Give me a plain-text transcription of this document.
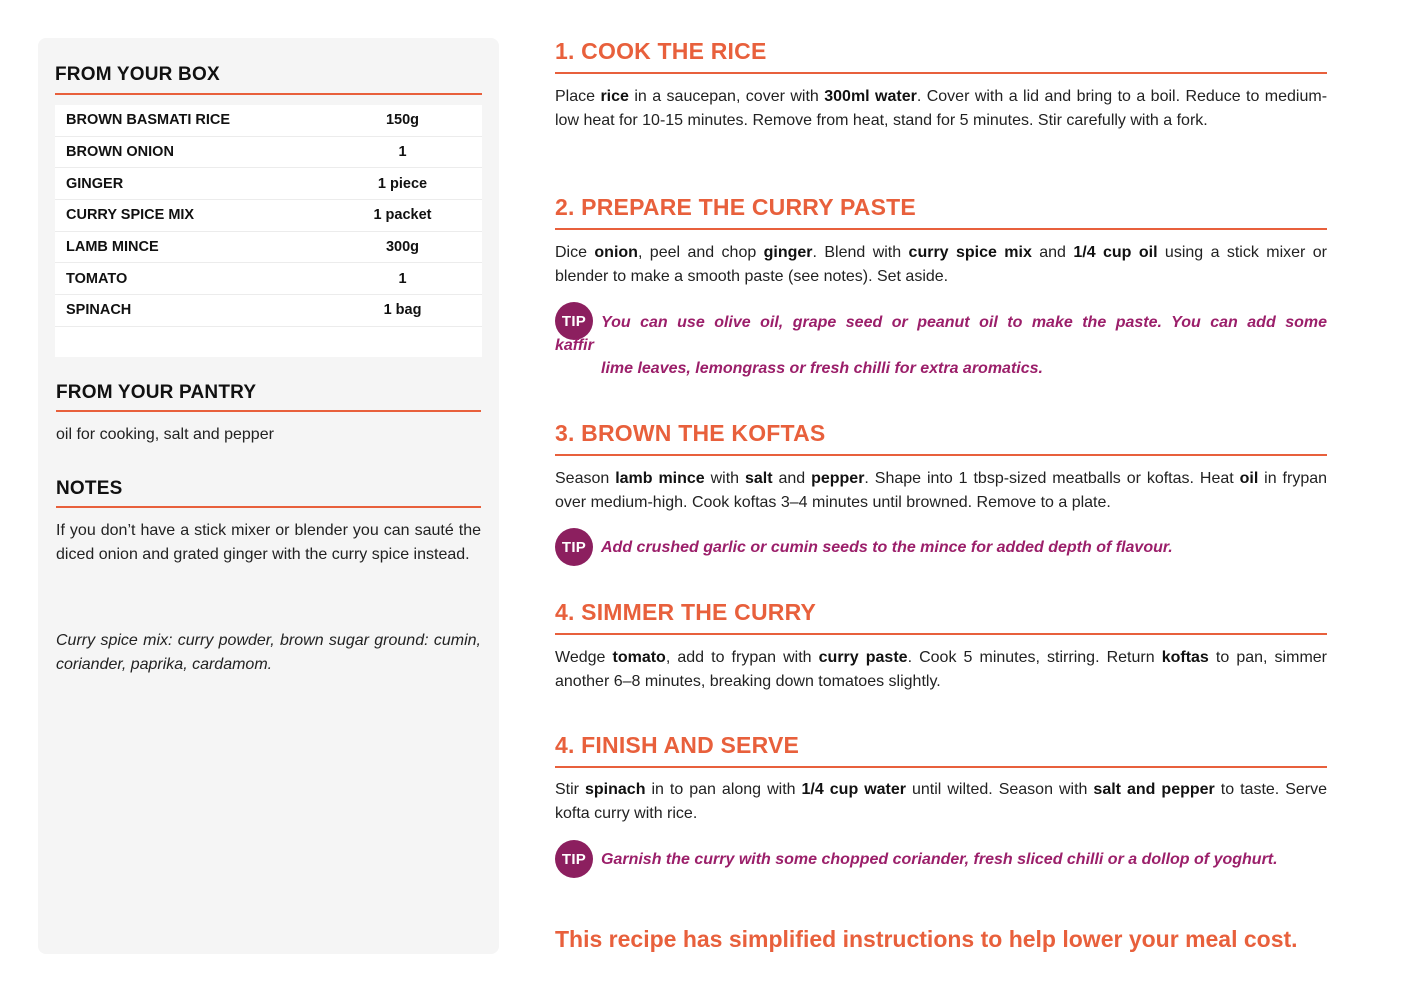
FROM YOUR BOX
BROWN BASMATI RICE	150g
BROWN ONION	1
GINGER	1 piece
CURRY SPICE MIX	1 packet
LAMB MINCE	300g
TOMATO	1
SPINACH	1 bag
FROM YOUR PANTRY
oil for cooking, salt and pepper
NOTES
If you don’t have a stick mixer or blender you can sauté the diced onion and grated ginger with the curry spice instead.
Curry spice mix: curry powder, brown sugar ground: cumin, coriander, paprika, cardamom.
1. COOK THE RICE
Place rice in a saucepan, cover with 300ml water. Cover with a lid and bring to a boil. Reduce to medium-low heat for 10-15 minutes. Remove from heat, stand for 5 minutes. Stir carefully with a fork.
2. PREPARE THE CURRY PASTE
Dice onion, peel and chop ginger. Blend with curry spice mix and 1/4 cup oil using a stick mixer or blender to make a smooth paste (see notes). Set aside.
TIP You can use olive oil, grape seed or peanut oil to make the paste. You can add some
kaffir
lime leaves, lemongrass or fresh chilli for extra aromatics.
3. BROWN THE KOFTAS
Season lamb mince with salt and pepper. Shape into 1 tbsp-sized meatballs or koftas. Heat oil in frypan over medium-high. Cook koftas 3–4 minutes until browned. Remove to a plate.
TIP Add crushed garlic or cumin seeds to the mince for added depth of flavour.
4. SIMMER THE CURRY
Wedge tomato, add to frypan with curry paste. Cook 5 minutes, stirring. Return koftas to pan, simmer another 6–8 minutes, breaking down tomatoes slightly.
4. FINISH AND SERVE
Stir spinach in to pan along with 1/4 cup water until wilted. Season with salt and pepper to taste. Serve kofta curry with rice.
TIP Garnish the curry with some chopped coriander, fresh sliced chilli or a dollop of yoghurt.
This recipe has simplified instructions to help lower your meal cost.
